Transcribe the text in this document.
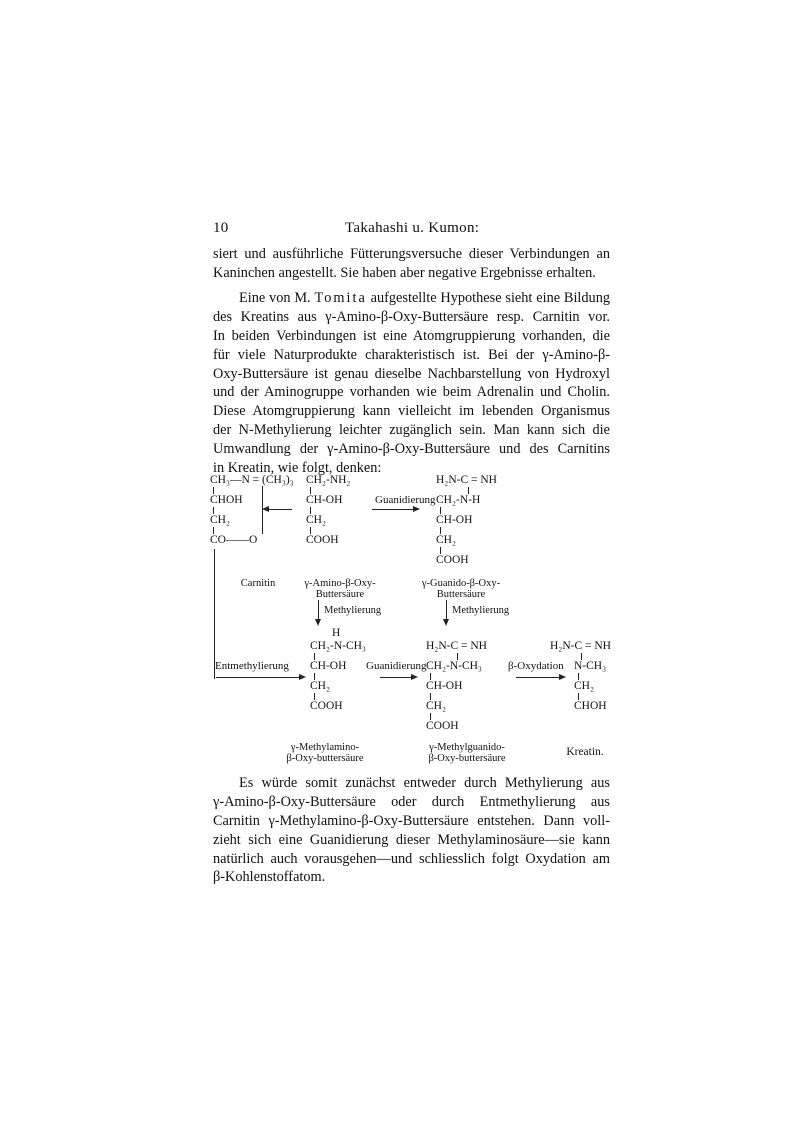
10	Takahashi u. Kumon:
siert und ausführliche Fütterungsversuche dieser Verbindungen an
Kaninchen angestellt. Sie haben aber negative Ergebnisse erhalten.
Eine von M. Tomita aufgestellte Hypothese sieht eine Bildung
des Kreatins aus γ-Amino-β-Oxy-Buttersäure resp. Carnitin vor.
In beiden Verbindungen ist eine Atomgruppierung vorhanden, die
für viele Naturprodukte charakteristisch ist. Bei der γ-Amino-β-
Oxy-Buttersäure ist genau dieselbe Nachbarstellung von Hydroxyl
und der Aminogruppe vorhanden wie beim Adrenalin und Cholin.
Diese Atomgruppierung kann vielleicht im lebenden Organismus
der N-Methylierung leichter zugänglich sein. Man kann sich die
Umwandlung der γ-Amino-β-Oxy-Buttersäure und des Carnitins
in Kreatin, wie folgt, denken:
CH₃—N = (CH₃)₃
CHOH
CH₂
CO——O
CH₂-NH₂
CH-OH
CH₂
COOH
Guanidierung
H₂N-C = NH
CH₂-N-H
CH-OH
CH₂
COOH
Carnitin	γ-Amino-β-Oxy-
Buttersäure
γ-Guanido-β-Oxy-
Buttersäure
Methylierung	Methylierung
H
CH₂-N-CH₃
CH-OH
CH₂
COOH
Entmethylierung	Guanidierung
H₂N-C = NH
CH₂-N-CH₃
CH-OH
CH₂
COOH
β-Oxydation
H₂N-C = NH
N-CH₃
CH₂
CHOH
γ-Methylamino-
β-Oxy-buttersäure
γ-Methylguanido-
β-Oxy-buttersäure
Kreatin.
Es würde somit zunächst entweder durch Methylierung aus
γ-Amino-β-Oxy-Buttersäure oder durch Entmethylierung aus
Carnitin γ-Methylamino-β-Oxy-Buttersäure entstehen. Dann voll-
zieht sich eine Guanidierung dieser Methylaminosäure—sie kann
natürlich auch vorausgehen—und schliesslich folgt Oxydation am
β-Kohlenstoffatom.
